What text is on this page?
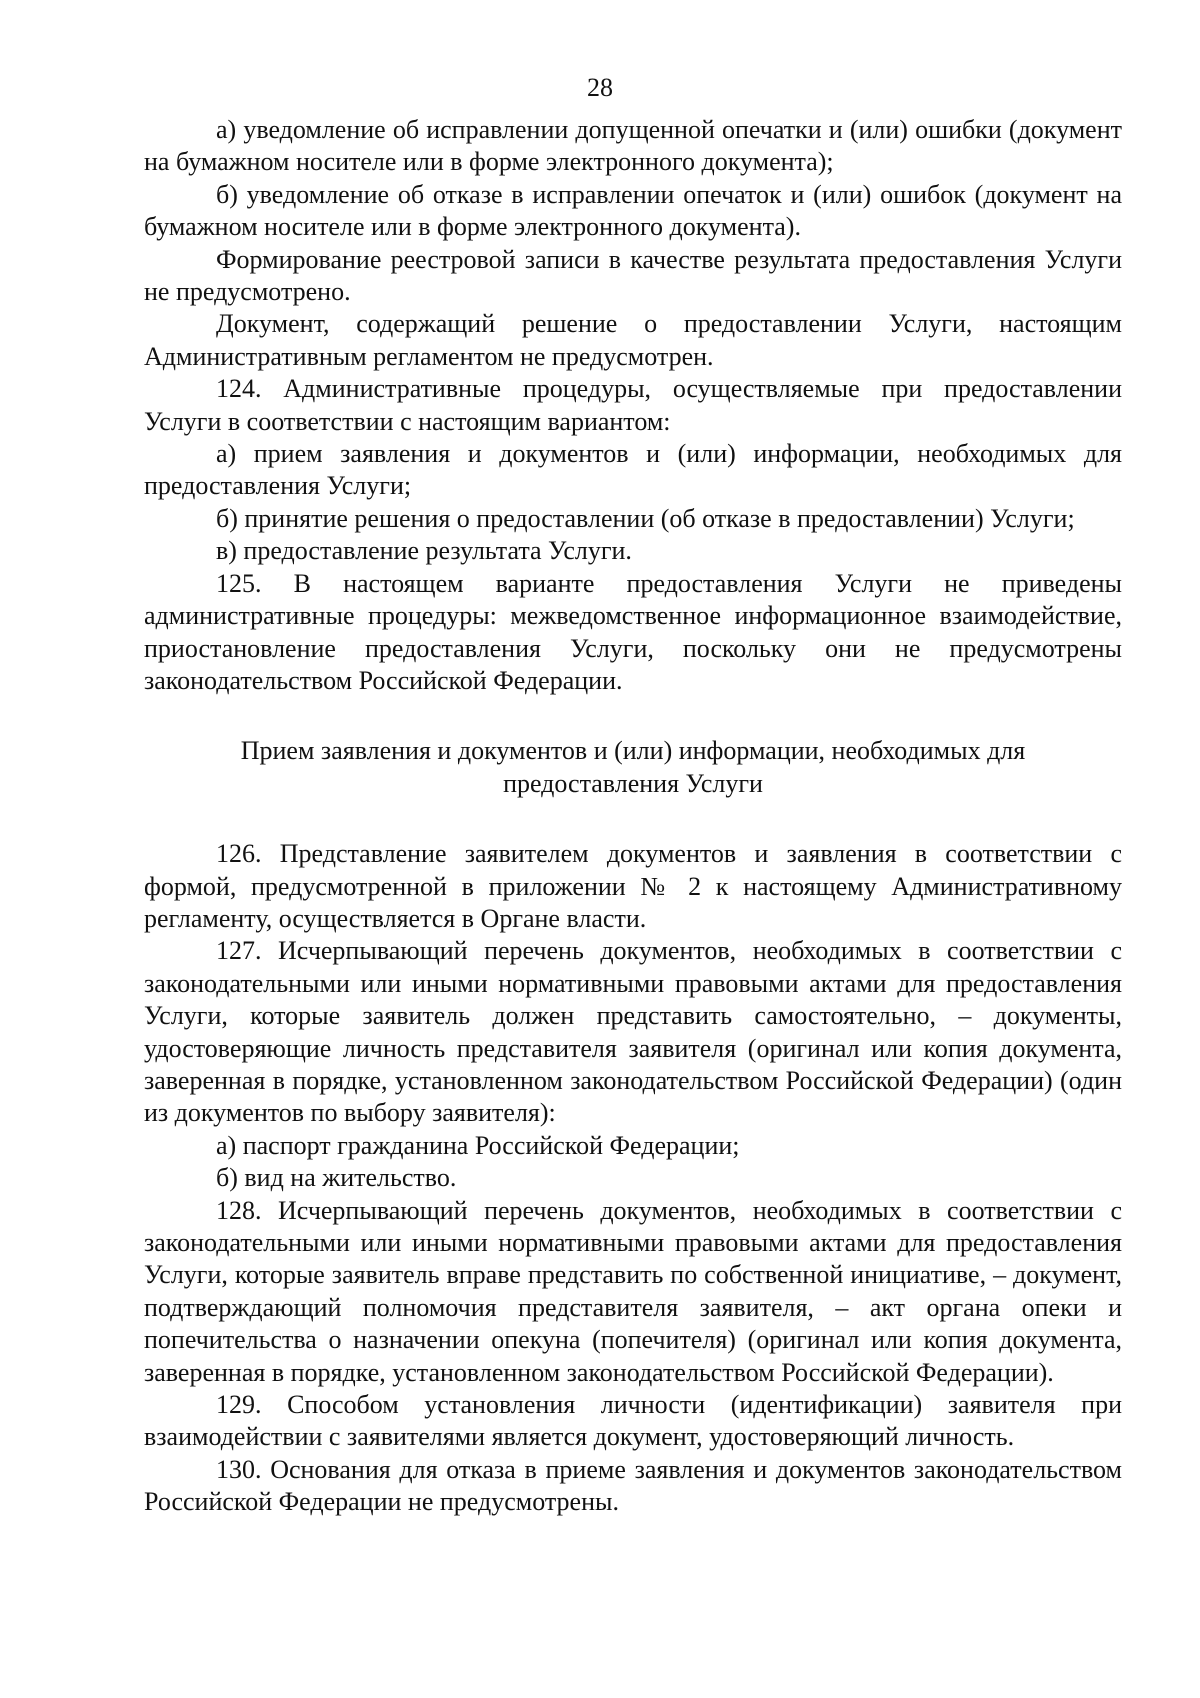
28

а) уведомление об исправлении допущенной опечатки и (или) ошибки (документ на бумажном носителе или в форме электронного документа);

б) уведомление об отказе в исправлении опечаток и (или) ошибок (документ на бумажном носителе или в форме электронного документа).

Формирование реестровой записи в качестве результата предоставления Услуги не предусмотрено.

Документ, содержащий решение о предоставлении Услуги, настоящим Административным регламентом не предусмотрен.

124. Административные процедуры, осуществляемые при предоставлении Услуги в соответствии с настоящим вариантом:

а) прием заявления и документов и (или) информации, необходимых для предоставления Услуги;

б) принятие решения о предоставлении (об отказе в предоставлении) Услуги;

в) предоставление результата Услуги.

125. В настоящем варианте предоставления Услуги не приведены административные процедуры: межведомственное информационное взаимодействие, приостановление предоставления Услуги, поскольку они не предусмотрены законодательством Российской Федерации.

Прием заявления и документов и (или) информации, необходимых для
предоставления Услуги

126. Представление заявителем документов и заявления в соответствии с формой, предусмотренной в приложении № 2 к настоящему Административному регламенту, осуществляется в Органе власти.

127. Исчерпывающий перечень документов, необходимых в соответствии с законодательными или иными нормативными правовыми актами для предоставления Услуги, которые заявитель должен представить самостоятельно, – документы, удостоверяющие личность представителя заявителя (оригинал или копия документа, заверенная в порядке, установленном законодательством Российской Федерации) (один из документов по выбору заявителя):

а) паспорт гражданина Российской Федерации;

б) вид на жительство.

128. Исчерпывающий перечень документов, необходимых в соответствии с законодательными или иными нормативными правовыми актами для предоставления Услуги, которые заявитель вправе представить по собственной инициативе, – документ, подтверждающий полномочия представителя заявителя, – акт органа опеки и попечительства о назначении опекуна (попечителя) (оригинал или копия документа, заверенная в порядке, установленном законодательством Российской Федерации).

129. Способом установления личности (идентификации) заявителя при взаимодействии с заявителями является документ, удостоверяющий личность.

130. Основания для отказа в приеме заявления и документов законодательством Российской Федерации не предусмотрены.
